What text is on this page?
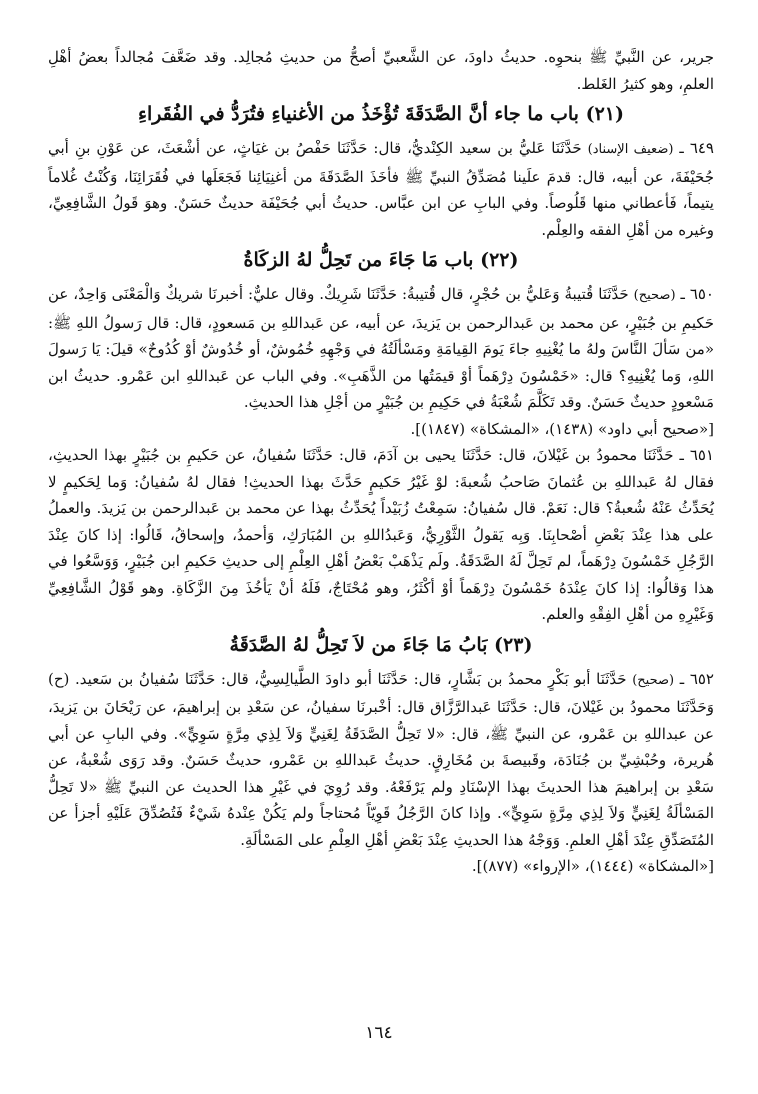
جرير، عن النَّبيِّ ﷺ بنحوِه. حديثُ داودَ، عن الشَّعبيِّ أصحُّ من حديثِ مُجالِد. وقد ضَعَّفَ مُجالداً بعضُ أهْلِ العلمِ، وهو كثيرُ الغَلط.

(٢١) باب ما جاء أنَّ الصَّدَقَةَ تُؤْخَذُ من الأغنياءِ فتُرَدُّ في الفُقَراءِ

٦٤٩ ـ (ضعيف الإسناد) حَدَّثَنَا عَليُّ بن سعيد الكِنْديُّ، قال: حَدَّثَنَا حَفْصُ بن غيَاثٍ، عن أشْعَثَ، عن عَوْنِ بنِ أبي جُحَيْفَةَ، عن أبيه، قال: قدمَ علَينا مُصَدِّقُ النبيِّ ﷺ فأخَذَ الصَّدَقَةَ من أغنِيَائِنا فَجَعَلَها في فُقَرَائِنَا، وَكُنْتُ غُلاماً يتيماً، فَأعطاني منها قَلُوصاً. وفي البابِ عن ابن عبَّاس. حديثُ أبي جُحَيْفَة حديثٌ حَسَنٌ. وهوَ قَولُ الشَّافِعِيِّ، وغيره من أهْلِ الفقه والعِلْم.

(٢٢) باب مَا جَاءَ من تَحِلُّ لهُ الزكَاةُ

٦٥٠ ـ (صحيح) حَدَّثَنَا قُتيبةُ وَعَليُّ بن حُجْرٍ، قال قُتيبةُ: حَدَّثَنَا شَرِيكٌ. وقال عليٌّ: أخبرنَا شريكٌ وَالْمَعْنَى وَاحِدٌ، عن حَكيمِ بن جُبَيْرٍ، عن محمد بن عَبدالرحمن بن يَزيدَ، عن أبيه، عن عَبداللهِ بن مَسعودٍ، قال: قال رَسولُ اللهِ ﷺ: «من سَألَ النَّاسَ ولهُ ما يُغْنِيهِ جاءَ يَومَ القِيامَةِ ومَسْألَتُهُ في وَجْهِهِ خُمُوشٌ، أو خُدُوشٌ أوْ كُدُوحٌ» قيلَ: يَا رَسولَ اللهِ، وَما يُغْنِيهِ؟ قال: «خَمْسُونَ دِرْهَماً أوْ قيمَتُها من الذَّهَبِ». وفي الباب عن عَبداللهِ ابن عَمْرو. حديثُ ابن مَسْعودٍ حديثٌ حَسَنٌ. وقد تَكَلَّمَ شُعْبَةُ في حَكِيمِ بن جُبَيْرٍ من أجْلِ هذا الحديثِ.

[«صحيح أبي داود» (١٤٣٨)، «المشكاة» (١٨٤٧)].

٦٥١ ـ حَدَّثَنَا محمودُ بن غَيْلانَ، قال: حَدَّثَنَا يحيى بن آدَمَ، قال: حَدَّثَنَا سُفيانُ، عن حَكيمِ بن جُبَيْرٍ بهذا الحديثِ، فقال لهُ عَبداللهِ بن عُثمانَ صَاحبُ شُعبةَ: لوْ غَيْرُ حَكيمٍ حَدَّثَ بهذا الحديثِ! فقال لهُ سُفيانُ: وَما لِحَكيمٍ لا يُحَدِّثُ عَنْهُ شُعبةُ؟ قال: نَعَمْ. قال سُفيانُ: سَمِعْتُ زُبَيْداً يُحَدِّثُ بهذا عن محمد بن عَبدالرحمن بن يَزيدَ. والعملُ على هذا عِنْدَ بَعْضِ أصْحابِنَا. وَبِه يَقولُ الثَّوْرِيُّ، وَعَبدُاللهِ بن المُبَارَكِ، وَأحمدُ، وإسحاقُ، قَالُوا: إذا كانَ عِنْدَ الرَّجُلِ خَمْسُونَ دِرْهَماً، لم تَحِلَّ لَهُ الصَّدَقَةُ. ولَم يَذْهَبْ بَعْضُ أهْلِ العِلْمِ إلى حديثِ حَكيمِ ابن جُبَيْرٍ، وَوَسَّعُوا في هذا وَقالُوا: إذا كانَ عِنْدَهُ خَمْسُونَ دِرْهَماً أوْ أكْثَرُ، وهو مُحْتَاجٌ، فَلَهُ أنْ يَأخُذَ مِنَ الزَّكَاةِ. وهو قَوْلُ الشَّافِعِيِّ وَغَيْرِهِ من أهْلِ الفِقْهِ والعلم.

(٢٣) بَابُ مَا جَاءَ من لاَ تَحِلُّ لهُ الصَّدَقَةُ

٦٥٢ ـ (صحيح) حَدَّثَنَا أبو بَكْرٍ محمدُ بن بَشَّارٍ، قال: حَدَّثَنَا أبو داودَ الطَّيالِسِيُّ، قال: حَدَّثَنَا سُفيانُ بن سَعيد. (ح) وَحَدَّثَنَا محمودُ بن غَيْلانَ، قال: حَدَّثَنَا عَبدالرَّزَّاق قال: أخْبرنَا سفيانُ، عن سَعْدِ بن إبراهيمَ، عن رَيْحَانَ بن يَزيدَ، عن عبداللهِ بن عَمْرو، عن النبيِّ ﷺ، قال: «لا تَحِلُّ الصَّدَقَةُ لِغَنِيٍّ وَلاَ لِذِي مِرَّةٍ سَوِيٍّ». وفي البابِ عن أبي هُريرة، وحُبْشِيِّ بن جُنَادَة، وقَبيصةَ بن مُخَارِقٍ. حديثُ عَبداللهِ بن عَمْرو، حديثٌ حَسَنٌ. وقد رَوَى شُعْبةُ، عن سَعْدِ بن إبراهيمَ هذا الحديثَ بهذا الإسْنَادِ ولم يَرْفَعْهُ. وقد رُوِيَ في غَيْرِ هذا الحديث عن النبيِّ ﷺ «لا تَحِلُّ المَسْألَةُ لِغَنِيٍّ وَلاَ لِذِي مِرَّةٍ سَوِيٍّ». وإذا كانَ الرَّجُلُ قَوِيّاً مُحتاجاً ولم يَكُنْ عِنْدهُ شَيْءٌ فَتُصُدِّقَ عَلَيْهِ أجزأ عن المُتَصَدِّقِ عِنْدَ أهْلِ العلمِ. وَوَجْهُ هذا الحديثِ عِنْدَ بَعْضِ أهْلِ العِلْمِ على المَسْألَةِ.

[«المشكاة» (١٤٤٤)، «الإرواء» (٨٧٧)].

١٦٤
